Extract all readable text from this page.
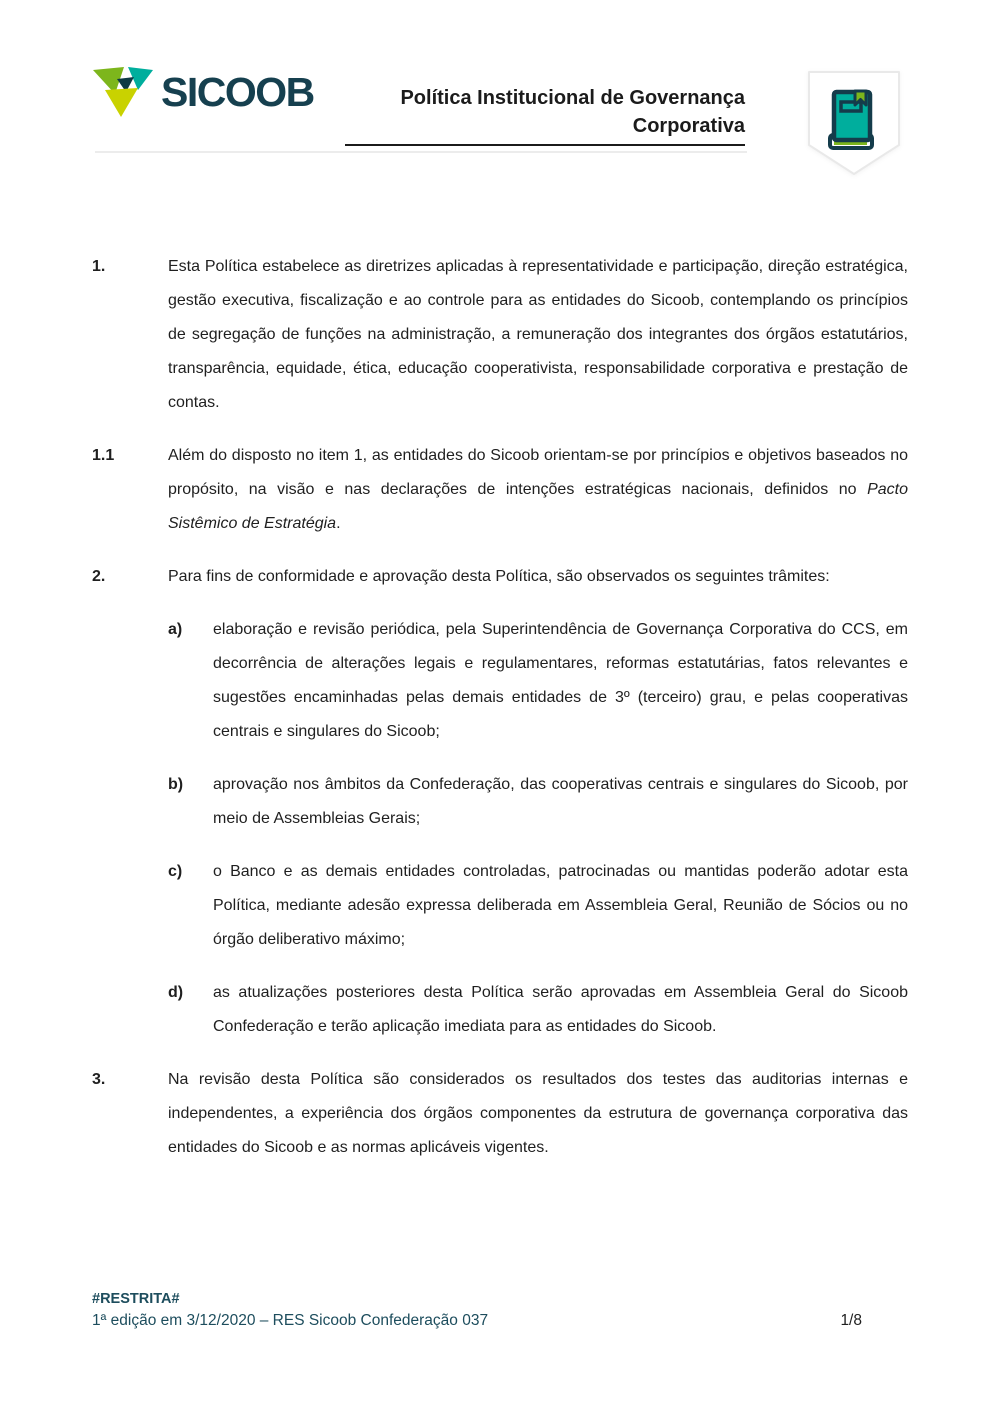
SICOOB	Política Institucional de Governança
Corporativa
1.	Esta Política estabelece as diretrizes aplicadas à representatividade e participação, direção estratégica, gestão executiva, fiscalização e ao controle para as entidades do Sicoob, contemplando os princípios de segregação de funções na administração, a remuneração dos integrantes dos órgãos estatutários, transparência, equidade, ética, educação cooperativista, responsabilidade corporativa e prestação de contas.
1.1	Além do disposto no item 1, as entidades do Sicoob orientam-se por princípios e objetivos baseados no propósito, na visão e nas declarações de intenções estratégicas nacionais, definidos no Pacto Sistêmico de Estratégia.
2.	Para fins de conformidade e aprovação desta Política, são observados os seguintes trâmites:
a)	elaboração e revisão periódica, pela Superintendência de Governança Corporativa do CCS, em decorrência de alterações legais e regulamentares, reformas estatutárias, fatos relevantes e sugestões encaminhadas pelas demais entidades de 3º (terceiro) grau, e pelas cooperativas centrais e singulares do Sicoob;
b)	aprovação nos âmbitos da Confederação, das cooperativas centrais e singulares do Sicoob, por meio de Assembleias Gerais;
c)	o Banco e as demais entidades controladas, patrocinadas ou mantidas poderão adotar esta Política, mediante adesão expressa deliberada em Assembleia Geral, Reunião de Sócios ou no órgão deliberativo máximo;
d)	as atualizações posteriores desta Política serão aprovadas em Assembleia Geral do Sicoob Confederação e terão aplicação imediata para as entidades do Sicoob.
3.	Na revisão desta Política são considerados os resultados dos testes das auditorias internas e independentes, a experiência dos órgãos componentes da estrutura de governança corporativa das entidades do Sicoob e as normas aplicáveis vigentes.
#RESTRITA#
1ª edição em 3/12/2020 – RES Sicoob Confederação 037	1/8
